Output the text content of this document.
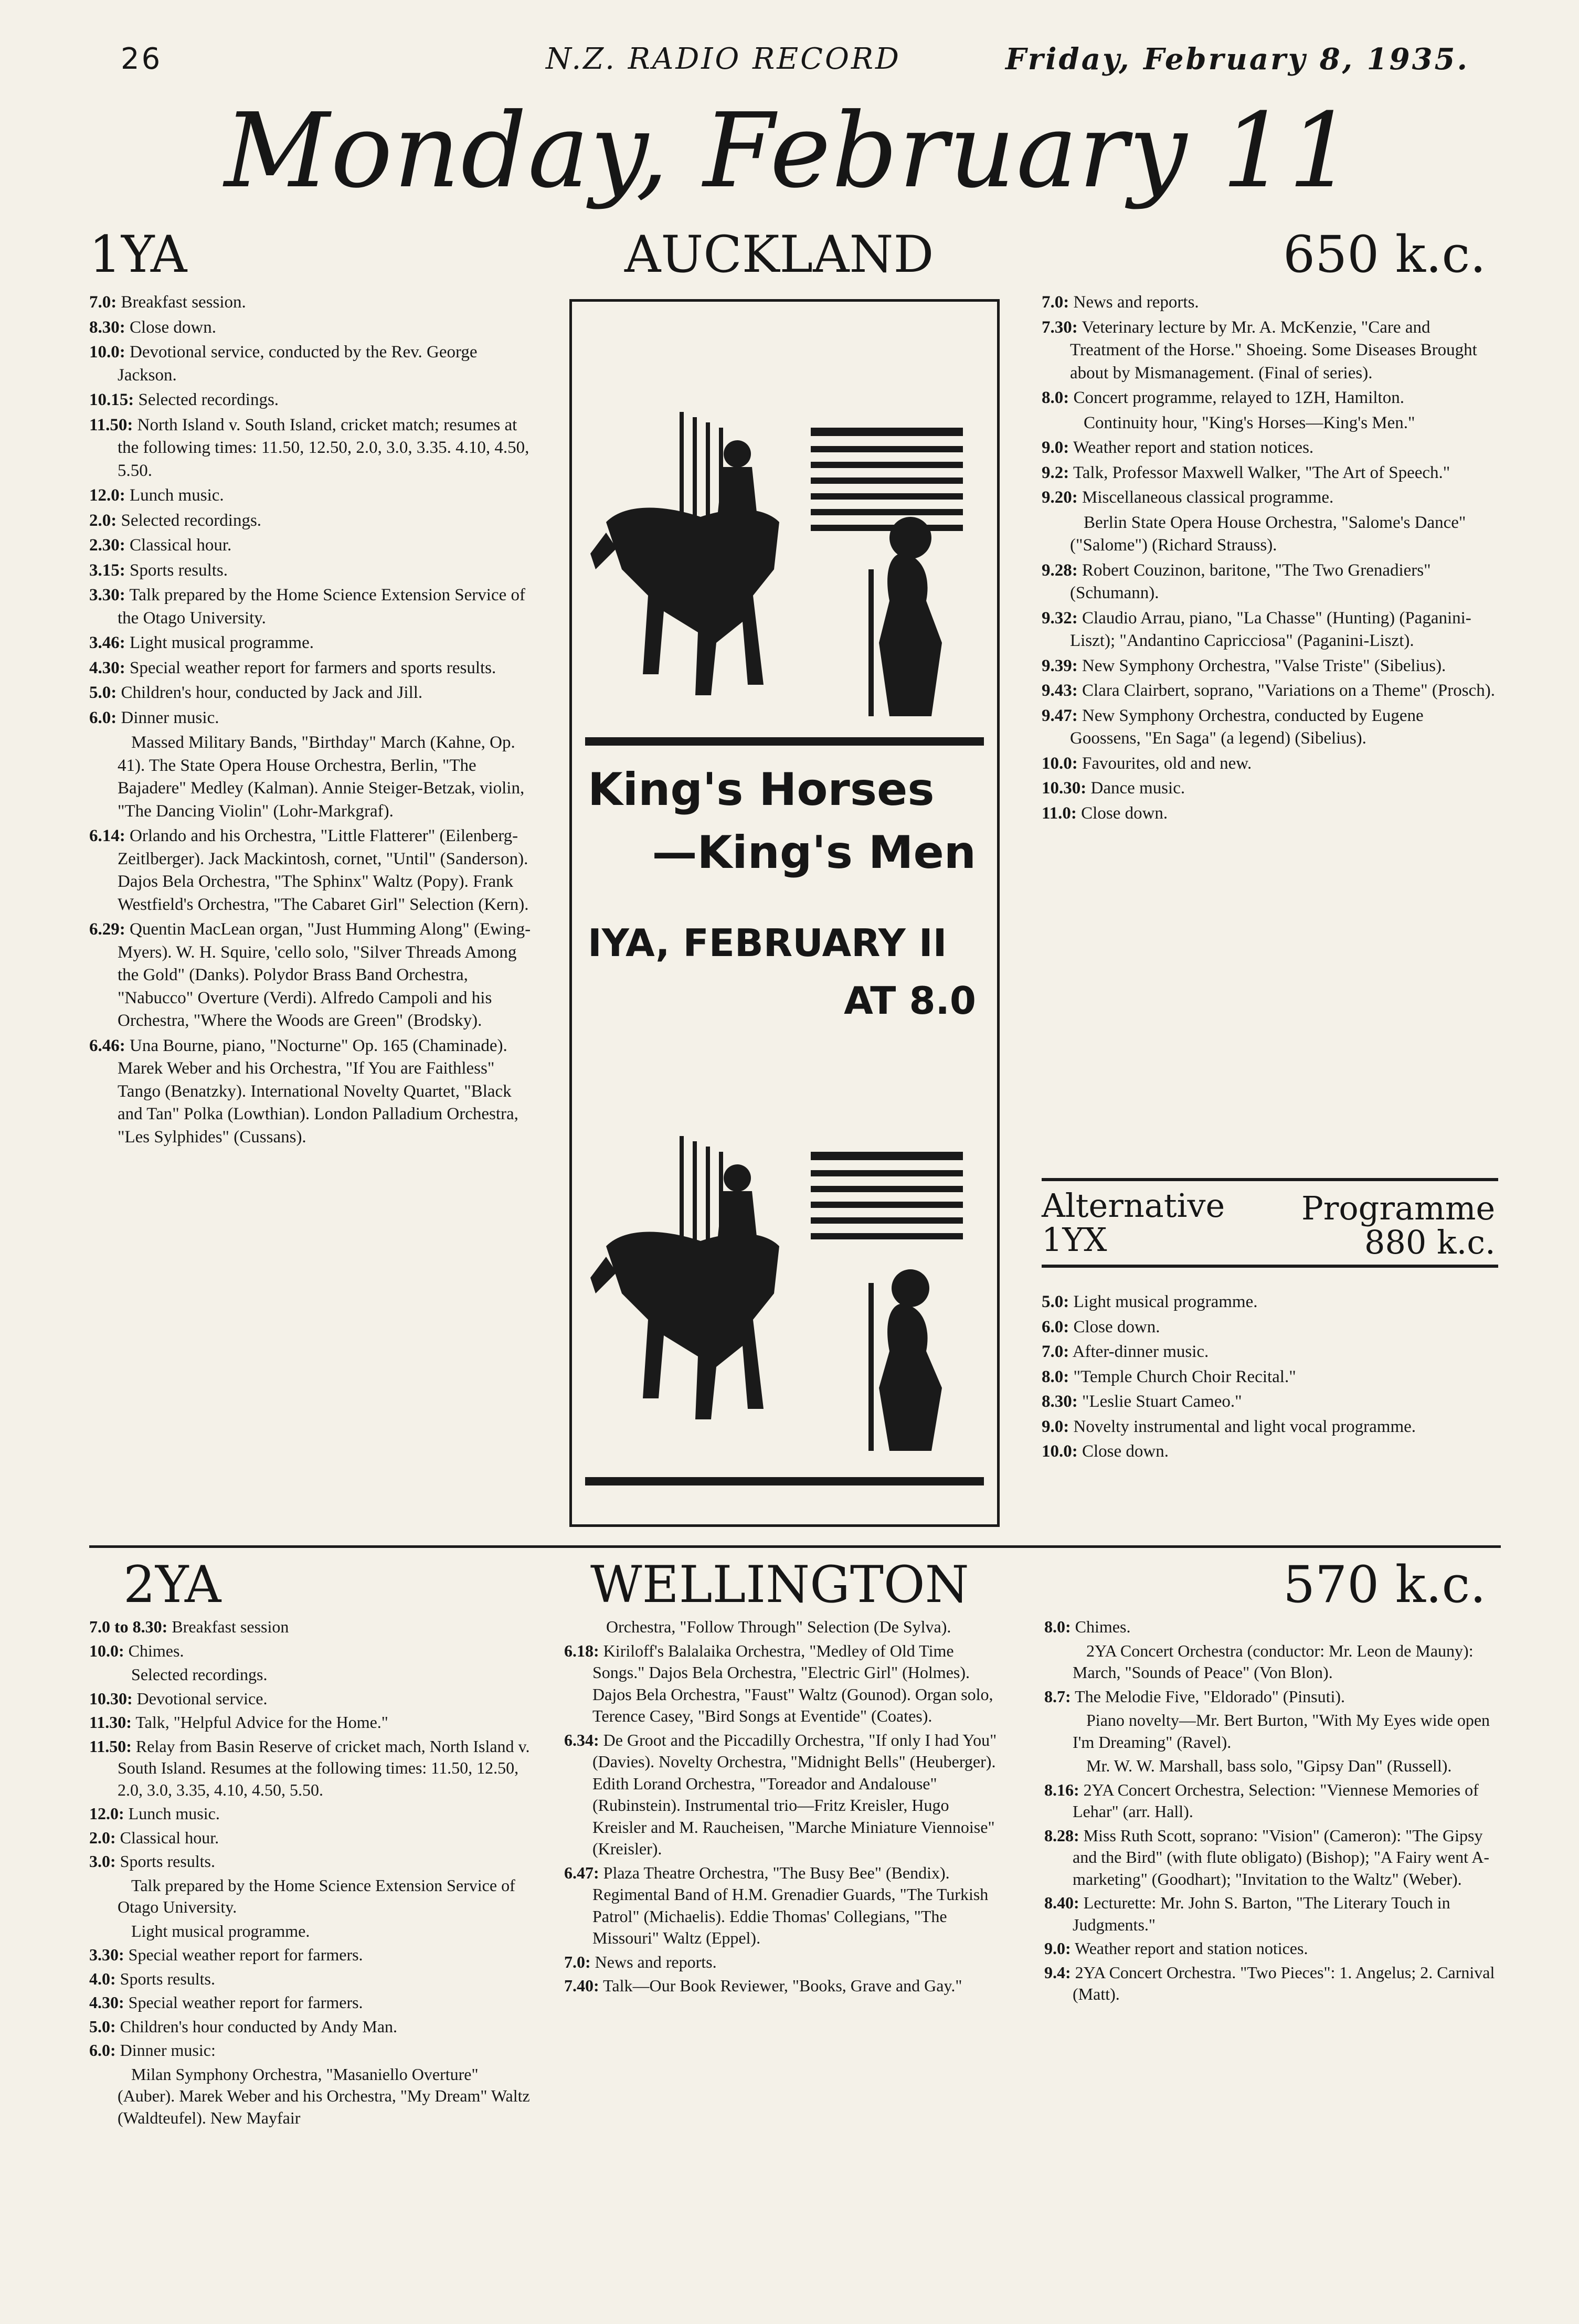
26	N.Z. RADIO RECORD	Friday, February 8, 1935.
Monday, February 11
1YA	AUCKLAND	650 k.c.
7.0: Breakfast session.
8.30: Close down.
10.0: Devotional service, conducted by the Rev. George Jackson.
10.15: Selected recordings.
11.50: North Island v. South Island, cricket match; resumes at the following times: 11.50, 12.50, 2.0, 3.0, 3.35. 4.10, 4.50, 5.50.
12.0: Lunch music.
2.0: Selected recordings.
2.30: Classical hour.
3.15: Sports results.
3.30: Talk prepared by the Home Science Extension Service of the Otago University.
3.46: Light musical programme.
4.30: Special weather report for farmers and sports results.
5.0: Children's hour, conducted by Jack and Jill.
6.0: Dinner music.
Massed Military Bands, "Birthday" March (Kahne, Op. 41). The State Opera House Orchestra, Berlin, "The Bajadere" Medley (Kalman). Annie Steiger-Betzak, violin, "The Dancing Violin" (Lohr-Markgraf).
6.14: Orlando and his Orchestra, "Little Flatterer" (Eilenberg-Zeitlberger). Jack Mackintosh, cornet, "Until" (Sanderson). Dajos Bela Orchestra, "The Sphinx" Waltz (Popy). Frank Westfield's Orchestra, "The Cabaret Girl" Selection (Kern).
6.29: Quentin MacLean organ, "Just Humming Along" (Ewing-Myers). W. H. Squire, 'cello solo, "Silver Threads Among the Gold" (Danks). Polydor Brass Band Orchestra, "Nabucco" Overture (Verdi). Alfredo Campoli and his Orchestra, "Where the Woods are Green" (Brodsky).
6.46: Una Bourne, piano, "Nocturne" Op. 165 (Chaminade). Marek Weber and his Orchestra, "If You are Faithless" Tango (Benatzky). International Novelty Quartet, "Black and Tan" Polka (Lowthian). London Palladium Orchestra, "Les Sylphides" (Cussans).
King's Horses
—King's Men
IYA, FEBRUARY II
AT 8.0
7.0: News and reports.
7.30: Veterinary lecture by Mr. A. McKenzie, "Care and Treatment of the Horse." Shoeing. Some Diseases Brought about by Mismanagement. (Final of series).
8.0: Concert programme, relayed to 1ZH, Hamilton.
Continuity hour, "King's Horses—King's Men."
9.0: Weather report and station notices.
9.2: Talk, Professor Maxwell Walker, "The Art of Speech."
9.20: Miscellaneous classical programme.
Berlin State Opera House Orchestra, "Salome's Dance" ("Salome") (Richard Strauss).
9.28: Robert Couzinon, baritone, "The Two Grenadiers" (Schumann).
9.32: Claudio Arrau, piano, "La Chasse" (Hunting) (Paganini-Liszt); "Andantino Capricciosa" (Paganini-Liszt).
9.39: New Symphony Orchestra, "Valse Triste" (Sibelius).
9.43: Clara Clairbert, soprano, "Variations on a Theme" (Prosch).
9.47: New Symphony Orchestra, conducted by Eugene Goossens, "En Saga" (a legend) (Sibelius).
10.0: Favourites, old and new.
10.30: Dance music.
11.0: Close down.
Alternative Programme
1YX	880 k.c.
5.0: Light musical programme.
6.0: Close down.
7.0: After-dinner music.
8.0: "Temple Church Choir Recital."
8.30: "Leslie Stuart Cameo."
9.0: Novelty instrumental and light vocal programme.
10.0: Close down.
2YA	WELLINGTON	570 k.c.
7.0 to 8.30: Breakfast session
10.0: Chimes.
Selected recordings.
10.30: Devotional service.
11.30: Talk, "Helpful Advice for the Home."
11.50: Relay from Basin Reserve of cricket mach, North Island v. South Island. Resumes at the following times: 11.50, 12.50, 2.0, 3.0, 3.35, 4.10, 4.50, 5.50.
12.0: Lunch music.
2.0: Classical hour.
3.0: Sports results.
Talk prepared by the Home Science Extension Service of Otago University.
Light musical programme.
3.30: Special weather report for farmers.
4.0: Sports results.
4.30: Special weather report for farmers.
5.0: Children's hour conducted by Andy Man.
6.0: Dinner music:
Milan Symphony Orchestra, "Masaniello Overture" (Auber). Marek Weber and his Orchestra, "My Dream" Waltz (Waldteufel). New Mayfair
Orchestra, "Follow Through" Selection (De Sylva).
6.18: Kiriloff's Balalaika Orchestra, "Medley of Old Time Songs." Dajos Bela Orchestra, "Electric Girl" (Holmes). Dajos Bela Orchestra, "Faust" Waltz (Gounod). Organ solo, Terence Casey, "Bird Songs at Eventide" (Coates).
6.34: De Groot and the Piccadilly Orchestra, "If only I had You" (Davies). Novelty Orchestra, "Midnight Bells" (Heuberger). Edith Lorand Orchestra, "Toreador and Andalouse" (Rubinstein). Instrumental trio—Fritz Kreisler, Hugo Kreisler and M. Raucheisen, "Marche Miniature Viennoise" (Kreisler).
6.47: Plaza Theatre Orchestra, "The Busy Bee" (Bendix). Regimental Band of H.M. Grenadier Guards, "The Turkish Patrol" (Michaelis). Eddie Thomas' Collegians, "The Missouri" Waltz (Eppel).
7.0: News and reports.
7.40: Talk—Our Book Reviewer, "Books, Grave and Gay."
8.0: Chimes.
2YA Concert Orchestra (conductor: Mr. Leon de Mauny): March, "Sounds of Peace" (Von Blon).
8.7: The Melodie Five, "Eldorado" (Pinsuti).
Piano novelty—Mr. Bert Burton, "With My Eyes wide open I'm Dreaming" (Ravel).
Mr. W. W. Marshall, bass solo, "Gipsy Dan" (Russell).
8.16: 2YA Concert Orchestra, Selection: "Viennese Memories of Lehar" (arr. Hall).
8.28: Miss Ruth Scott, soprano: "Vision" (Cameron): "The Gipsy and the Bird" (with flute obligato) (Bishop); "A Fairy went A-marketing" (Goodhart); "Invitation to the Waltz" (Weber).
8.40: Lecturette: Mr. John S. Barton, "The Literary Touch in Judgments."
9.0: Weather report and station notices.
9.4: 2YA Concert Orchestra. "Two Pieces": 1. Angelus; 2. Carnival (Matt).
